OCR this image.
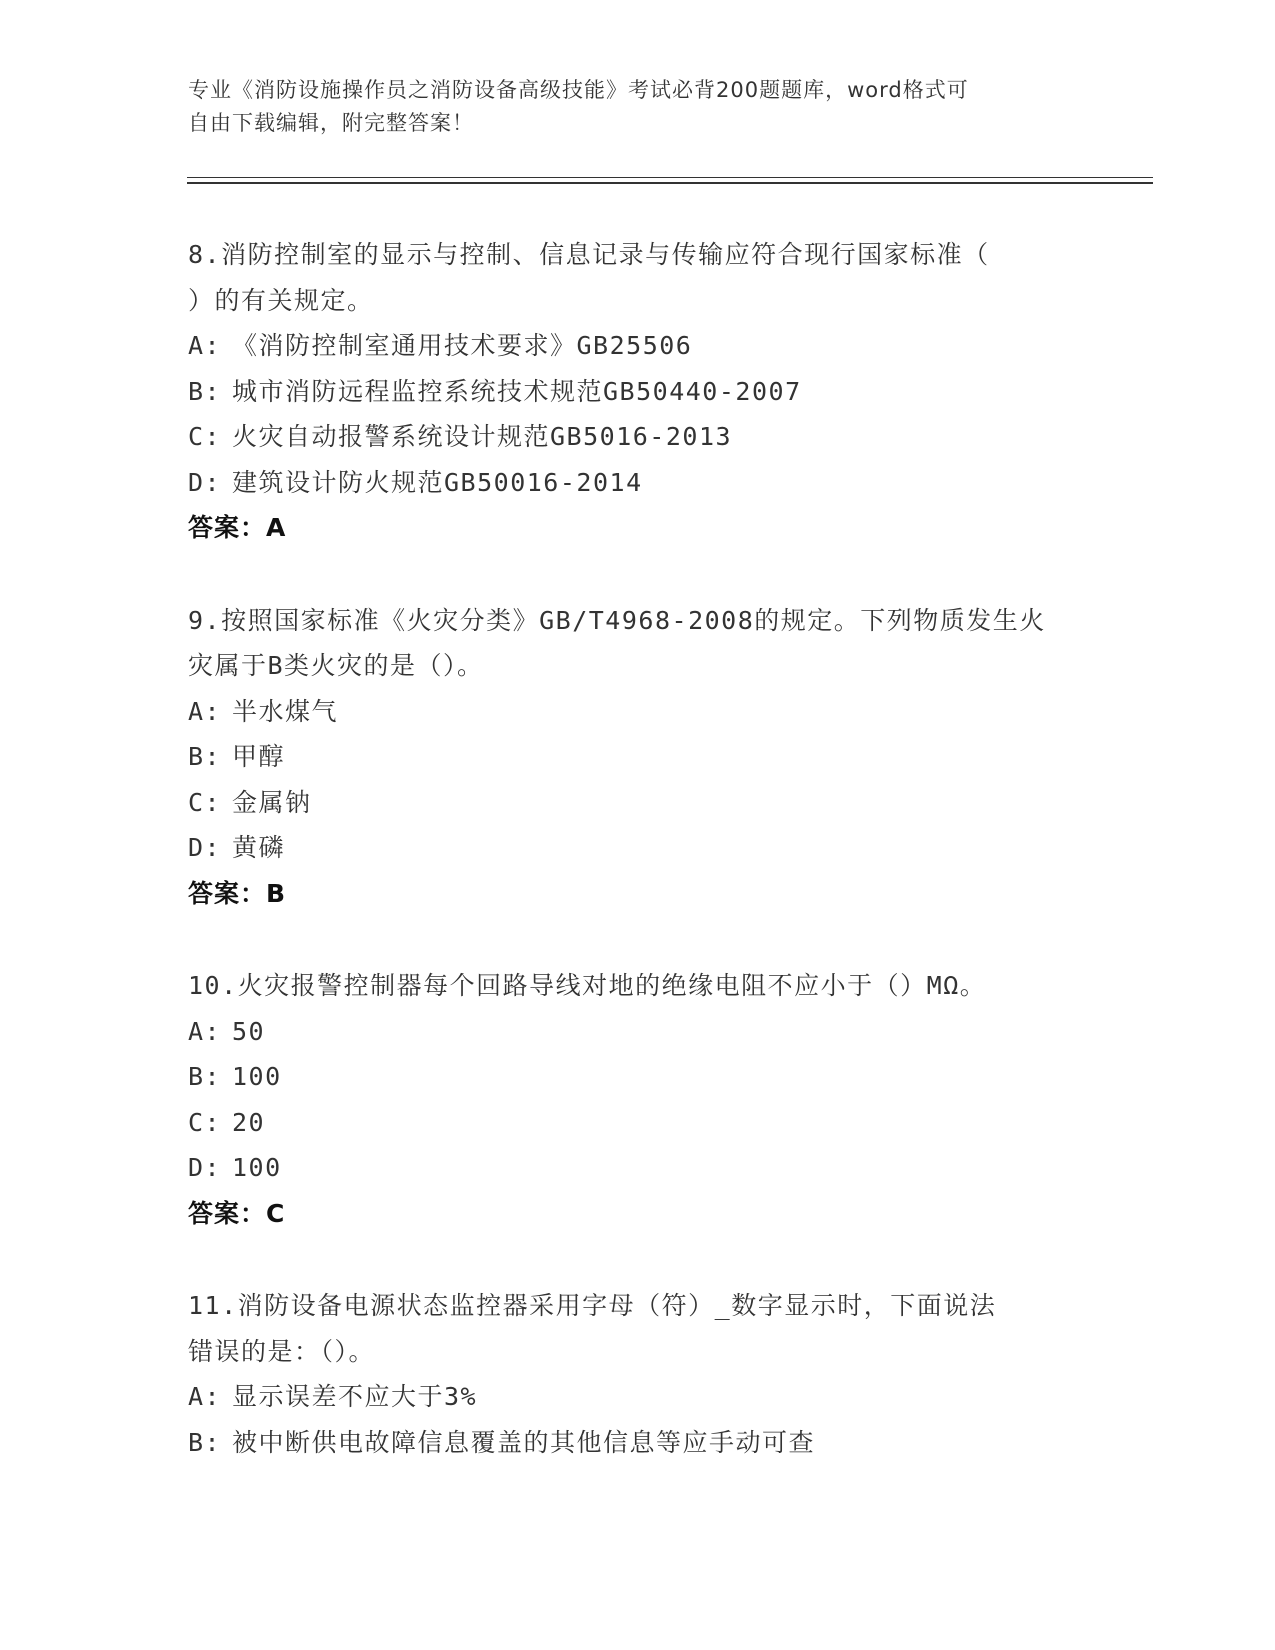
专业《消防设施操作员之消防设备高级技能》考试必背200题题库，word格式可
自由下载编辑，附完整答案！
8.消防控制室的显示与控制、信息记录与传输应符合现行国家标准（
）的有关规定。
A: 《消防控制室通用技术要求》GB25506
B: 城市消防远程监控系统技术规范GB50440-2007
C: 火灾自动报警系统设计规范GB5016-2013
D: 建筑设计防火规范GB50016-2014
答案：A
9.按照国家标准《火灾分类》GB/T4968-2008的规定。下列物质发生火
灾属于B类火灾的是（）。
A: 半水煤气
B: 甲醇
C: 金属钠
D: 黄磷
答案：B
10.火灾报警控制器每个回路导线对地的绝缘电阻不应小于（）MΩ。
A: 50
B: 100
C: 20
D: 100
答案：C
11.消防设备电源状态监控器采用字母（符）_数字显示时，下面说法
错误的是：（）。
A: 显示误差不应大于3%
B: 被中断供电故障信息覆盖的其他信息等应手动可查
